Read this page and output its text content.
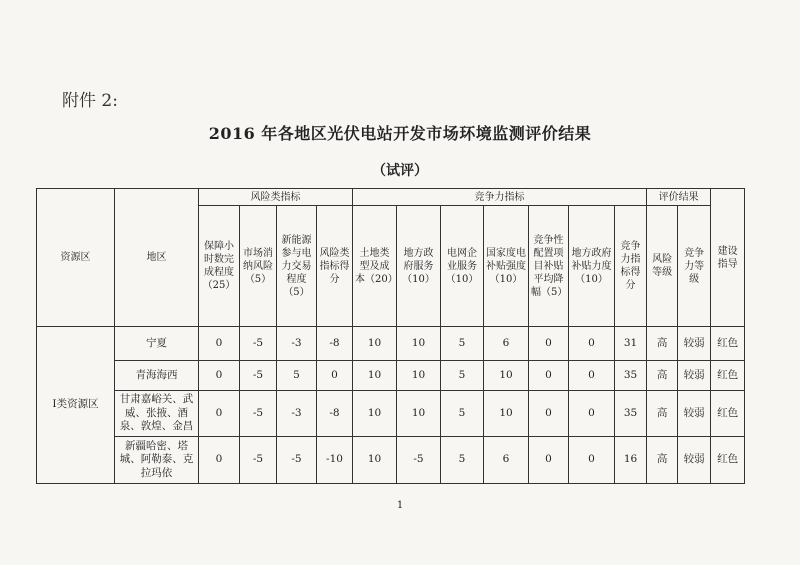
附件 2:
2016 年各地区光伏电站开发市场环境监测评价结果
（试评）
资源区	地区	风险类指标				竞争力指标							评价结果		建设指导
		保障小时数完成程度（25）	市场消纳风险（5）	新能源参与电力交易程度（5）	风险类指标得分	土地类型及成本（20）	地方政府服务（10）	电网企业服务（10）	国家度电补贴强度（10）	竞争性配置项目补贴平均降幅（5）	地方政府补贴力度（10）	竞争力指标得分	风险等级	竞争力等级	
Ⅰ类资源区	宁夏	0	-5	-3	-8	10	10	5	6	0	0	31	高	较弱	红色
	青海海西	0	-5	5	0	10	10	5	10	0	0	35	高	较弱	红色
	甘肃嘉峪关、武威、张掖、酒泉、敦煌、金昌	0	-5	-3	-8	10	10	5	10	0	0	35	高	较弱	红色
	新疆哈密、塔城、阿勒泰、克拉玛依	0	-5	-5	-10	10	-5	5	6	0	0	16	高	较弱	红色
1
